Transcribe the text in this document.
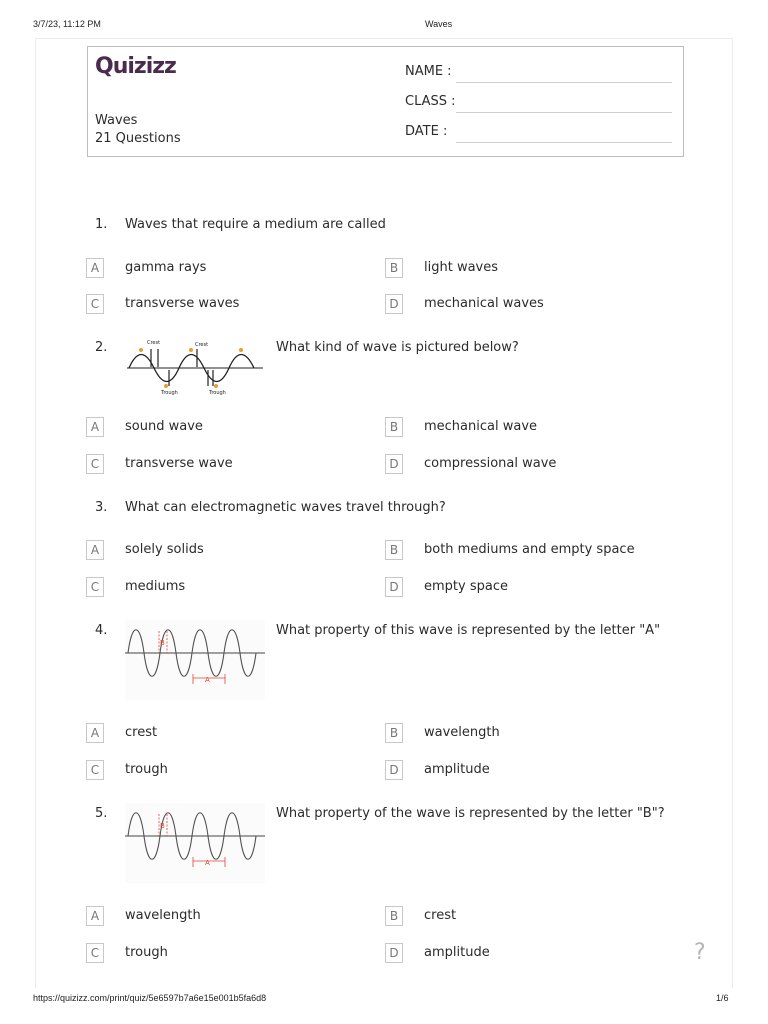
3/7/23, 11:12 PM	Waves
https://quizizz.com/print/quiz/5e6597b7a6e15e001b5fa6d8	1/6
Quizizz
Waves
21 Questions
NAME :
CLASS :
DATE :
1. Waves that require a medium are called
A	gamma rays	B	light waves
C	transverse waves	D	mechanical waves
2.	Crest	Crest
Trough	Trough
What kind of wave is pictured below?
A	sound wave	B	mechanical wave
C	transverse wave	D	compressional wave
3. What can electromagnetic waves travel through?
A	solely solids	B	both mediums and empty space
C	mediums	D	empty space
4.
B
A
What property of this wave is represented by the letter "A"
A	crest	B	wavelength
C	trough	D	amplitude
5.
B
A
What property of the wave is represented by the letter "B"?
A	wavelength	B	crest
C	trough	D	amplitude	?
